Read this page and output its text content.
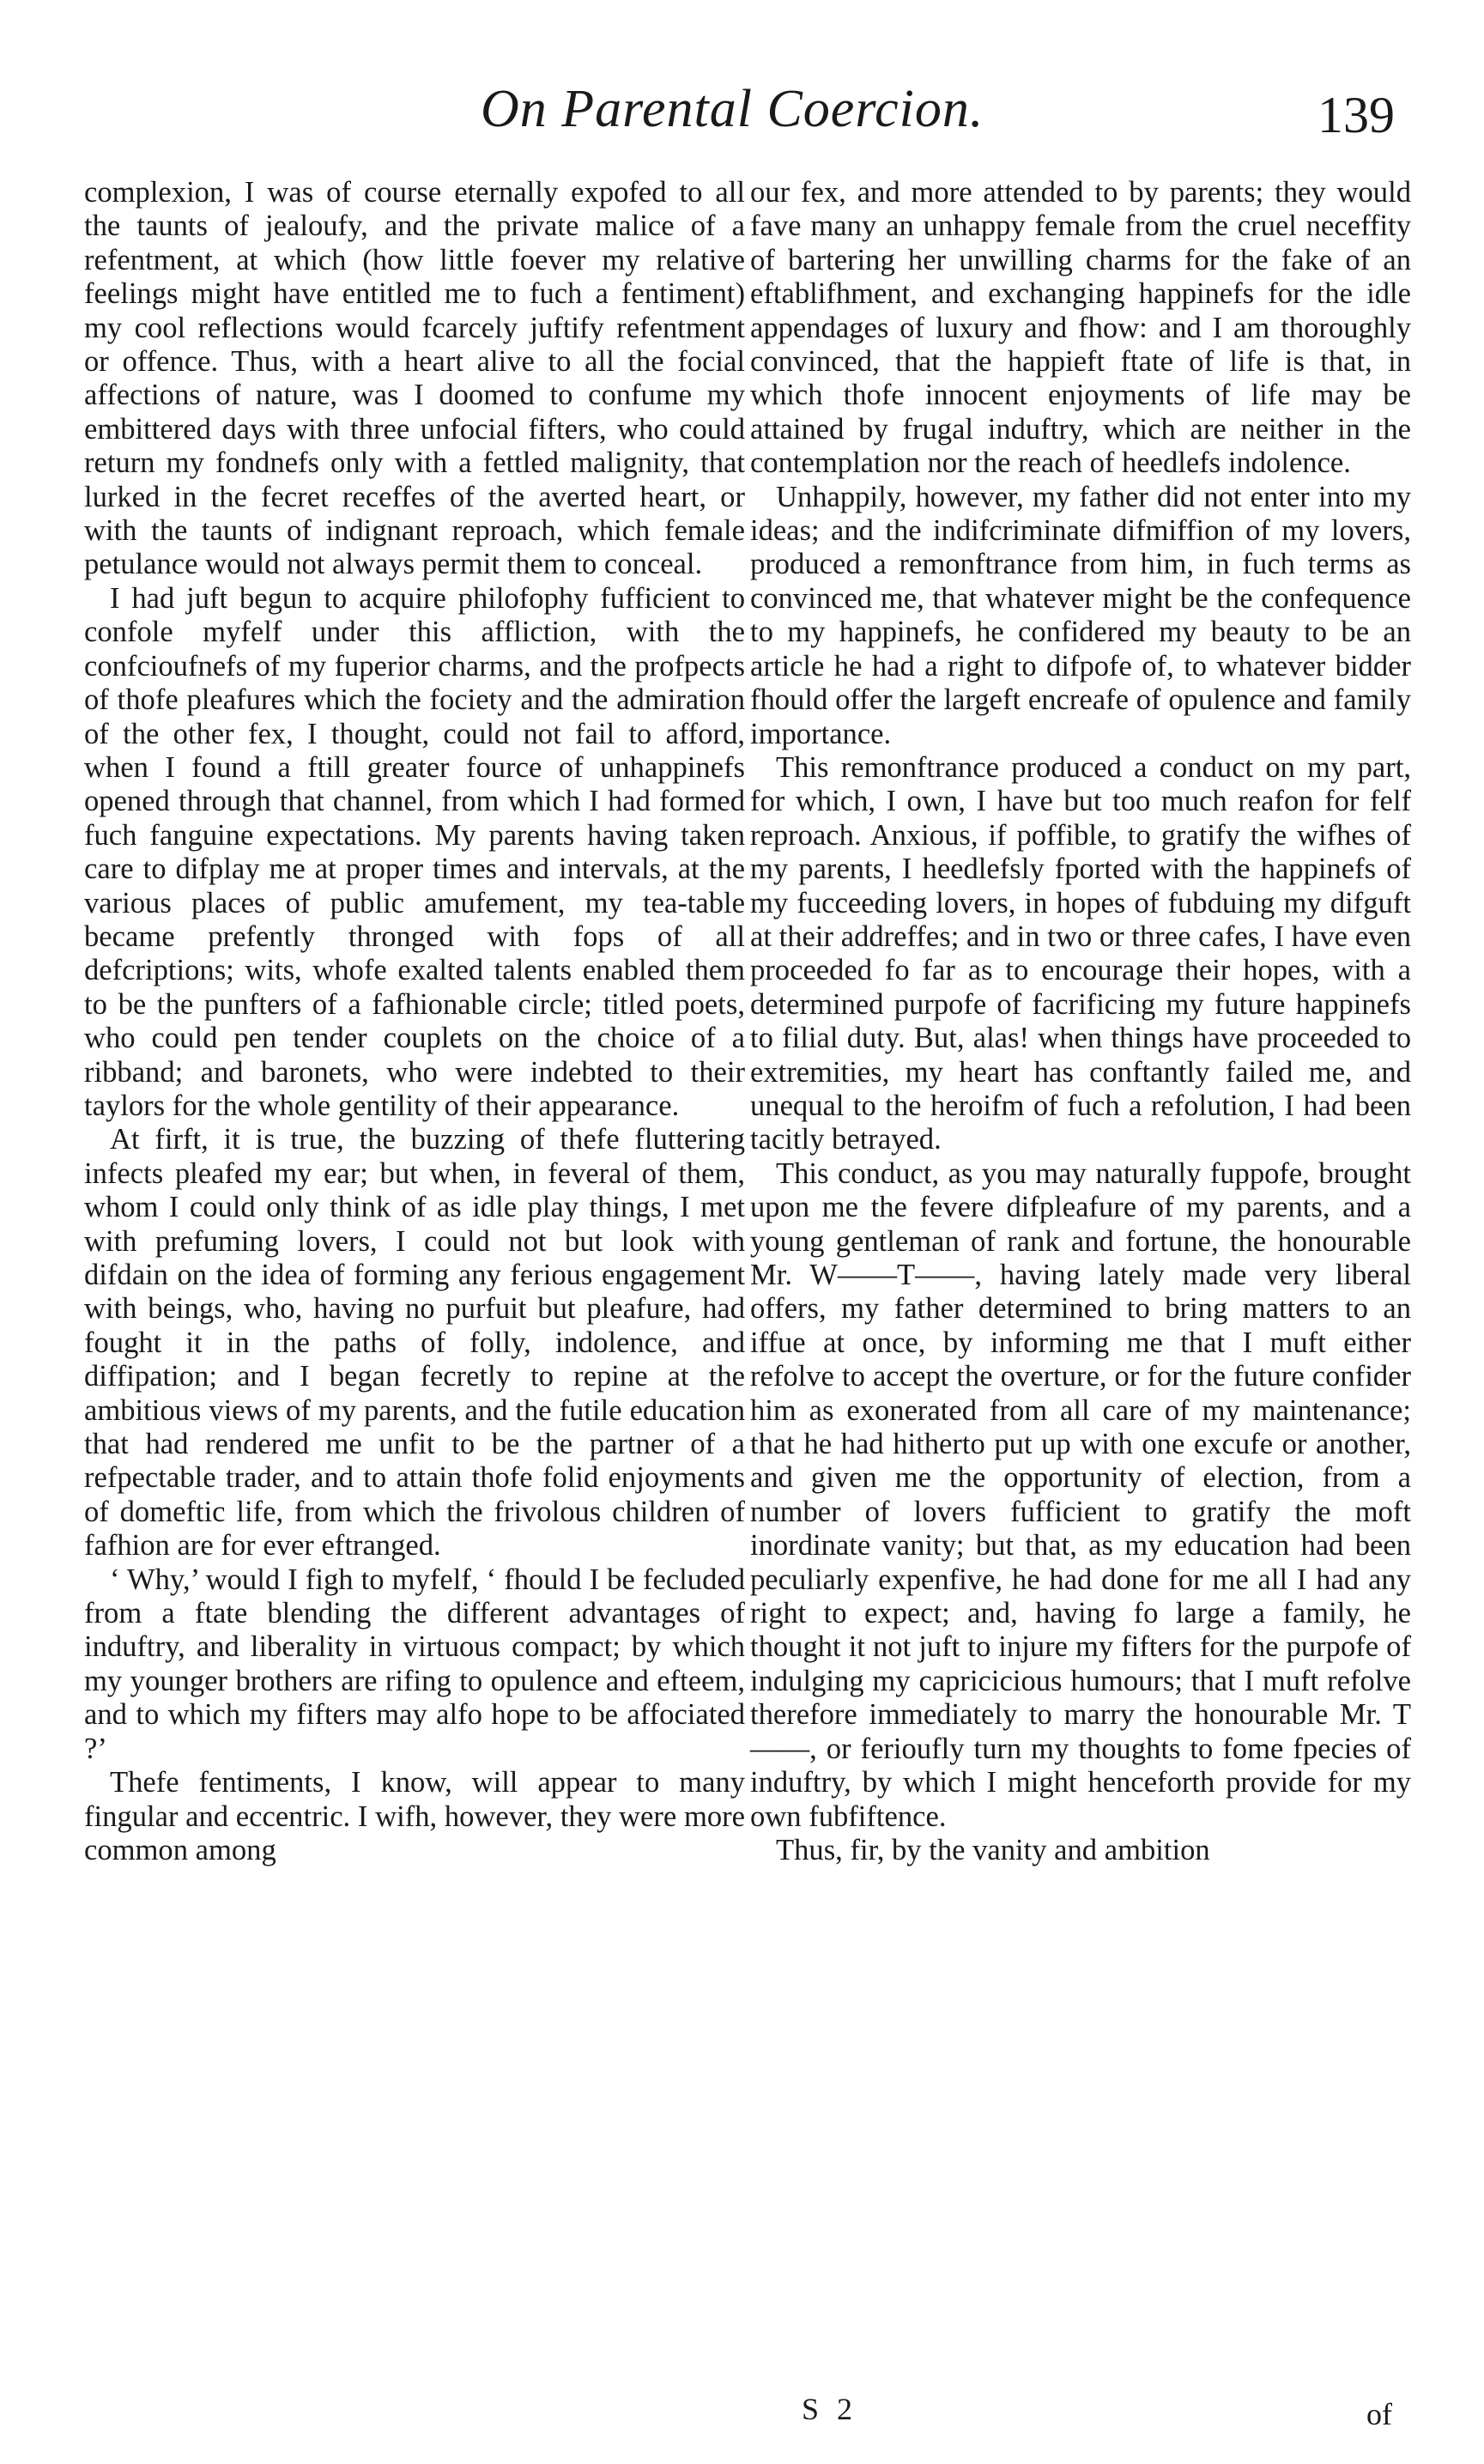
On Parental Coercion.	139

complexion, I was of course eternally expofed to all the taunts of jealoufy, and the private malice of a refentment, at which (how little foever my relative feelings might have entitled me to fuch a fentiment) my cool reflections would fcarcely juftify refentment or offence. Thus, with a heart alive to all the focial affections of nature, was I doomed to confume my embittered days with three unfocial fifters, who could return my fondnefs only with a fettled malignity, that lurked in the fecret receffes of the averted heart, or with the taunts of indignant reproach, which female petulance would not always permit them to conceal.

I had juft begun to acquire philofophy fufficient to confole myfelf under this affliction, with the confcioufnefs of my fuperior charms, and the profpects of thofe pleafures which the fociety and the admiration of the other fex, I thought, could not fail to afford, when I found a ftill greater fource of unhappinefs opened through that channel, from which I had formed fuch fanguine expectations. My parents having taken care to difplay me at proper times and intervals, at the various places of public amufement, my tea-table became prefently thronged with fops of all defcriptions; wits, whofe exalted talents enabled them to be the punfters of a fafhionable circle; titled poets, who could pen tender couplets on the choice of a ribband; and baronets, who were indebted to their taylors for the whole gentility of their appearance.

At firft, it is true, the buzzing of thefe fluttering infects pleafed my ear; but when, in feveral of them, whom I could only think of as idle play things, I met with prefuming lovers, I could not but look with difdain on the idea of forming any ferious engagement with beings, who, having no purfuit but pleafure, had fought it in the paths of folly, indolence, and diffipation; and I began fecretly to repine at the ambitious views of my parents, and the futile education that had rendered me unfit to be the partner of a refpectable trader, and to attain thofe folid enjoyments of domeftic life, from which the frivolous children of fafhion are for ever eftranged.

‘ Why,’ would I figh to myfelf, ‘ fhould I be fecluded from a ftate blending the different advantages of induftry, and liberality in virtuous compact; by which my younger brothers are rifing to opulence and efteem, and to which my fifters may alfo hope to be affociated ?’

Thefe fentiments, I know, will appear to many fingular and eccentric. I wifh, however, they were more common among

our fex, and more attended to by parents; they would fave many an unhappy female from the cruel neceffity of bartering her unwilling charms for the fake of an eftablifhment, and exchanging happinefs for the idle appendages of luxury and fhow: and I am thoroughly convinced, that the happieft ftate of life is that, in which thofe innocent enjoyments of life may be attained by frugal induftry, which are neither in the contemplation nor the reach of heedlefs indolence.

Unhappily, however, my father did not enter into my ideas; and the indifcriminate difmiffion of my lovers, produced a remonftrance from him, in fuch terms as convinced me, that whatever might be the confequence to my happinefs, he confidered my beauty to be an article he had a right to difpofe of, to whatever bidder fhould offer the largeft encreafe of opulence and family importance.

This remonftrance produced a conduct on my part, for which, I own, I have but too much reafon for felf reproach. Anxious, if poffible, to gratify the wifhes of my parents, I heedlefsly fported with the happinefs of my fucceeding lovers, in hopes of fubduing my difguft at their addreffes; and in two or three cafes, I have even proceeded fo far as to encourage their hopes, with a determined purpofe of facrificing my future happinefs to filial duty. But, alas! when things have proceeded to extremities, my heart has conftantly failed me, and unequal to the heroifm of fuch a refolution, I had been tacitly betrayed.

This conduct, as you may naturally fuppofe, brought upon me the fevere difpleafure of my parents, and a young gentleman of rank and fortune, the honourable Mr. W——T——, having lately made very liberal offers, my father determined to bring matters to an iffue at once, by informing me that I muft either refolve to accept the overture, or for the future confider him as exonerated from all care of my maintenance; that he had hitherto put up with one excufe or another, and given me the opportunity of election, from a number of lovers fufficient to gratify the moft inordinate vanity; but that, as my education had been peculiarly expenfive, he had done for me all I had any right to expect; and, having fo large a family, he thought it not juft to injure my fifters for the purpofe of indulging my capricicious humours; that I muft refolve therefore immediately to marry the honourable Mr. T——, or ferioufly turn my thoughts to fome fpecies of induftry, by which I might henceforth provide for my own fubfiftence.

Thus, fir, by the vanity and ambition

S 2	of
